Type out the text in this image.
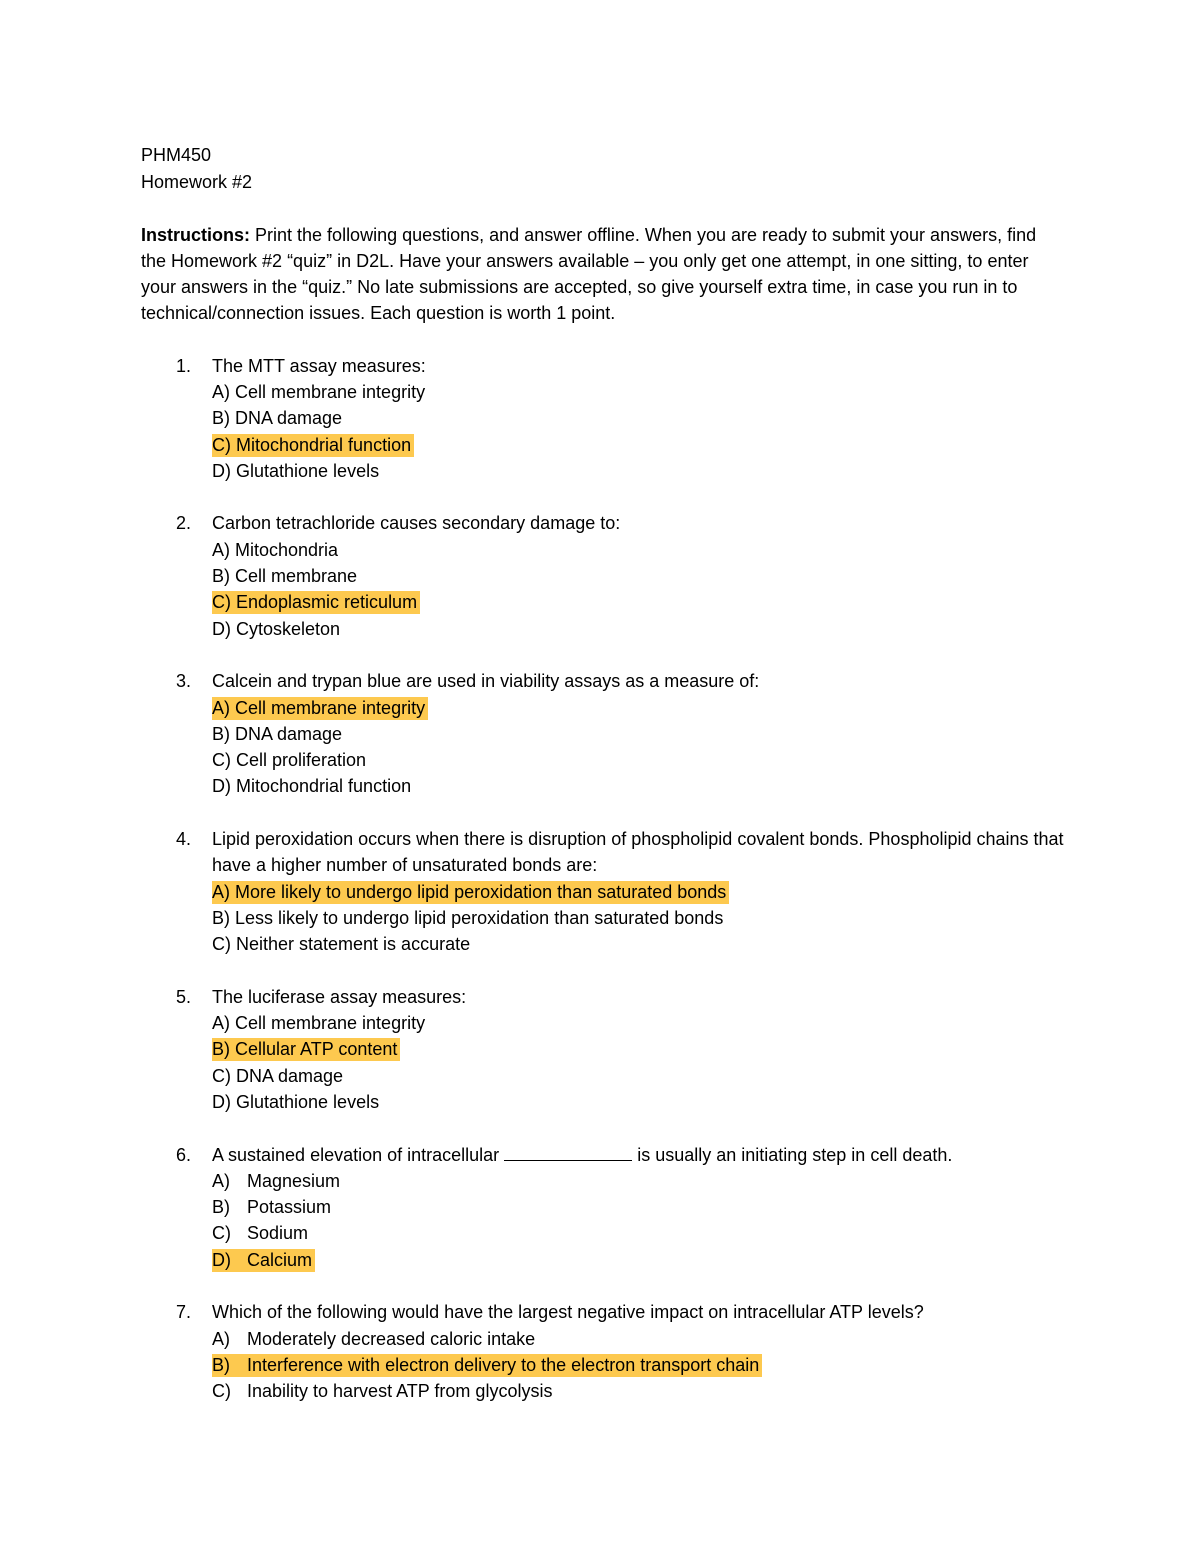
PHM450
Homework #2

Instructions: Print the following questions, and answer offline. When you are ready to submit your answers, find the Homework #2 “quiz” in D2L. Have your answers available – you only get one attempt, in one sitting, to enter your answers in the “quiz.” No late submissions are accepted, so give yourself extra time, in case you run in to technical/connection issues. Each question is worth 1 point.

1.	The MTT assay measures:
A) Cell membrane integrity
B) DNA damage
C) Mitochondrial function
D) Glutathione levels
2.	Carbon tetrachloride causes secondary damage to:
A) Mitochondria
B) Cell membrane
C) Endoplasmic reticulum
D) Cytoskeleton
3.	Calcein and trypan blue are used in viability assays as a measure of:
A) Cell membrane integrity
B) DNA damage
C) Cell proliferation
D) Mitochondrial function
4.	Lipid peroxidation occurs when there is disruption of phospholipid covalent bonds. Phospholipid chains that have a higher number of unsaturated bonds are:
A) More likely to undergo lipid peroxidation than saturated bonds
B) Less likely to undergo lipid peroxidation than saturated bonds
C) Neither statement is accurate
5.	The luciferase assay measures:
A) Cell membrane integrity
B) Cellular ATP content
C) DNA damage
D) Glutathione levels
6.	A sustained elevation of intracellular	is usually an initiating step in cell death.
A) Magnesium
B) Potassium
C) Sodium
D) Calcium
7.	Which of the following would have the largest negative impact on intracellular ATP levels?
A) Moderately decreased caloric intake
B) Interference with electron delivery to the electron transport chain
C) Inability to harvest ATP from glycolysis
